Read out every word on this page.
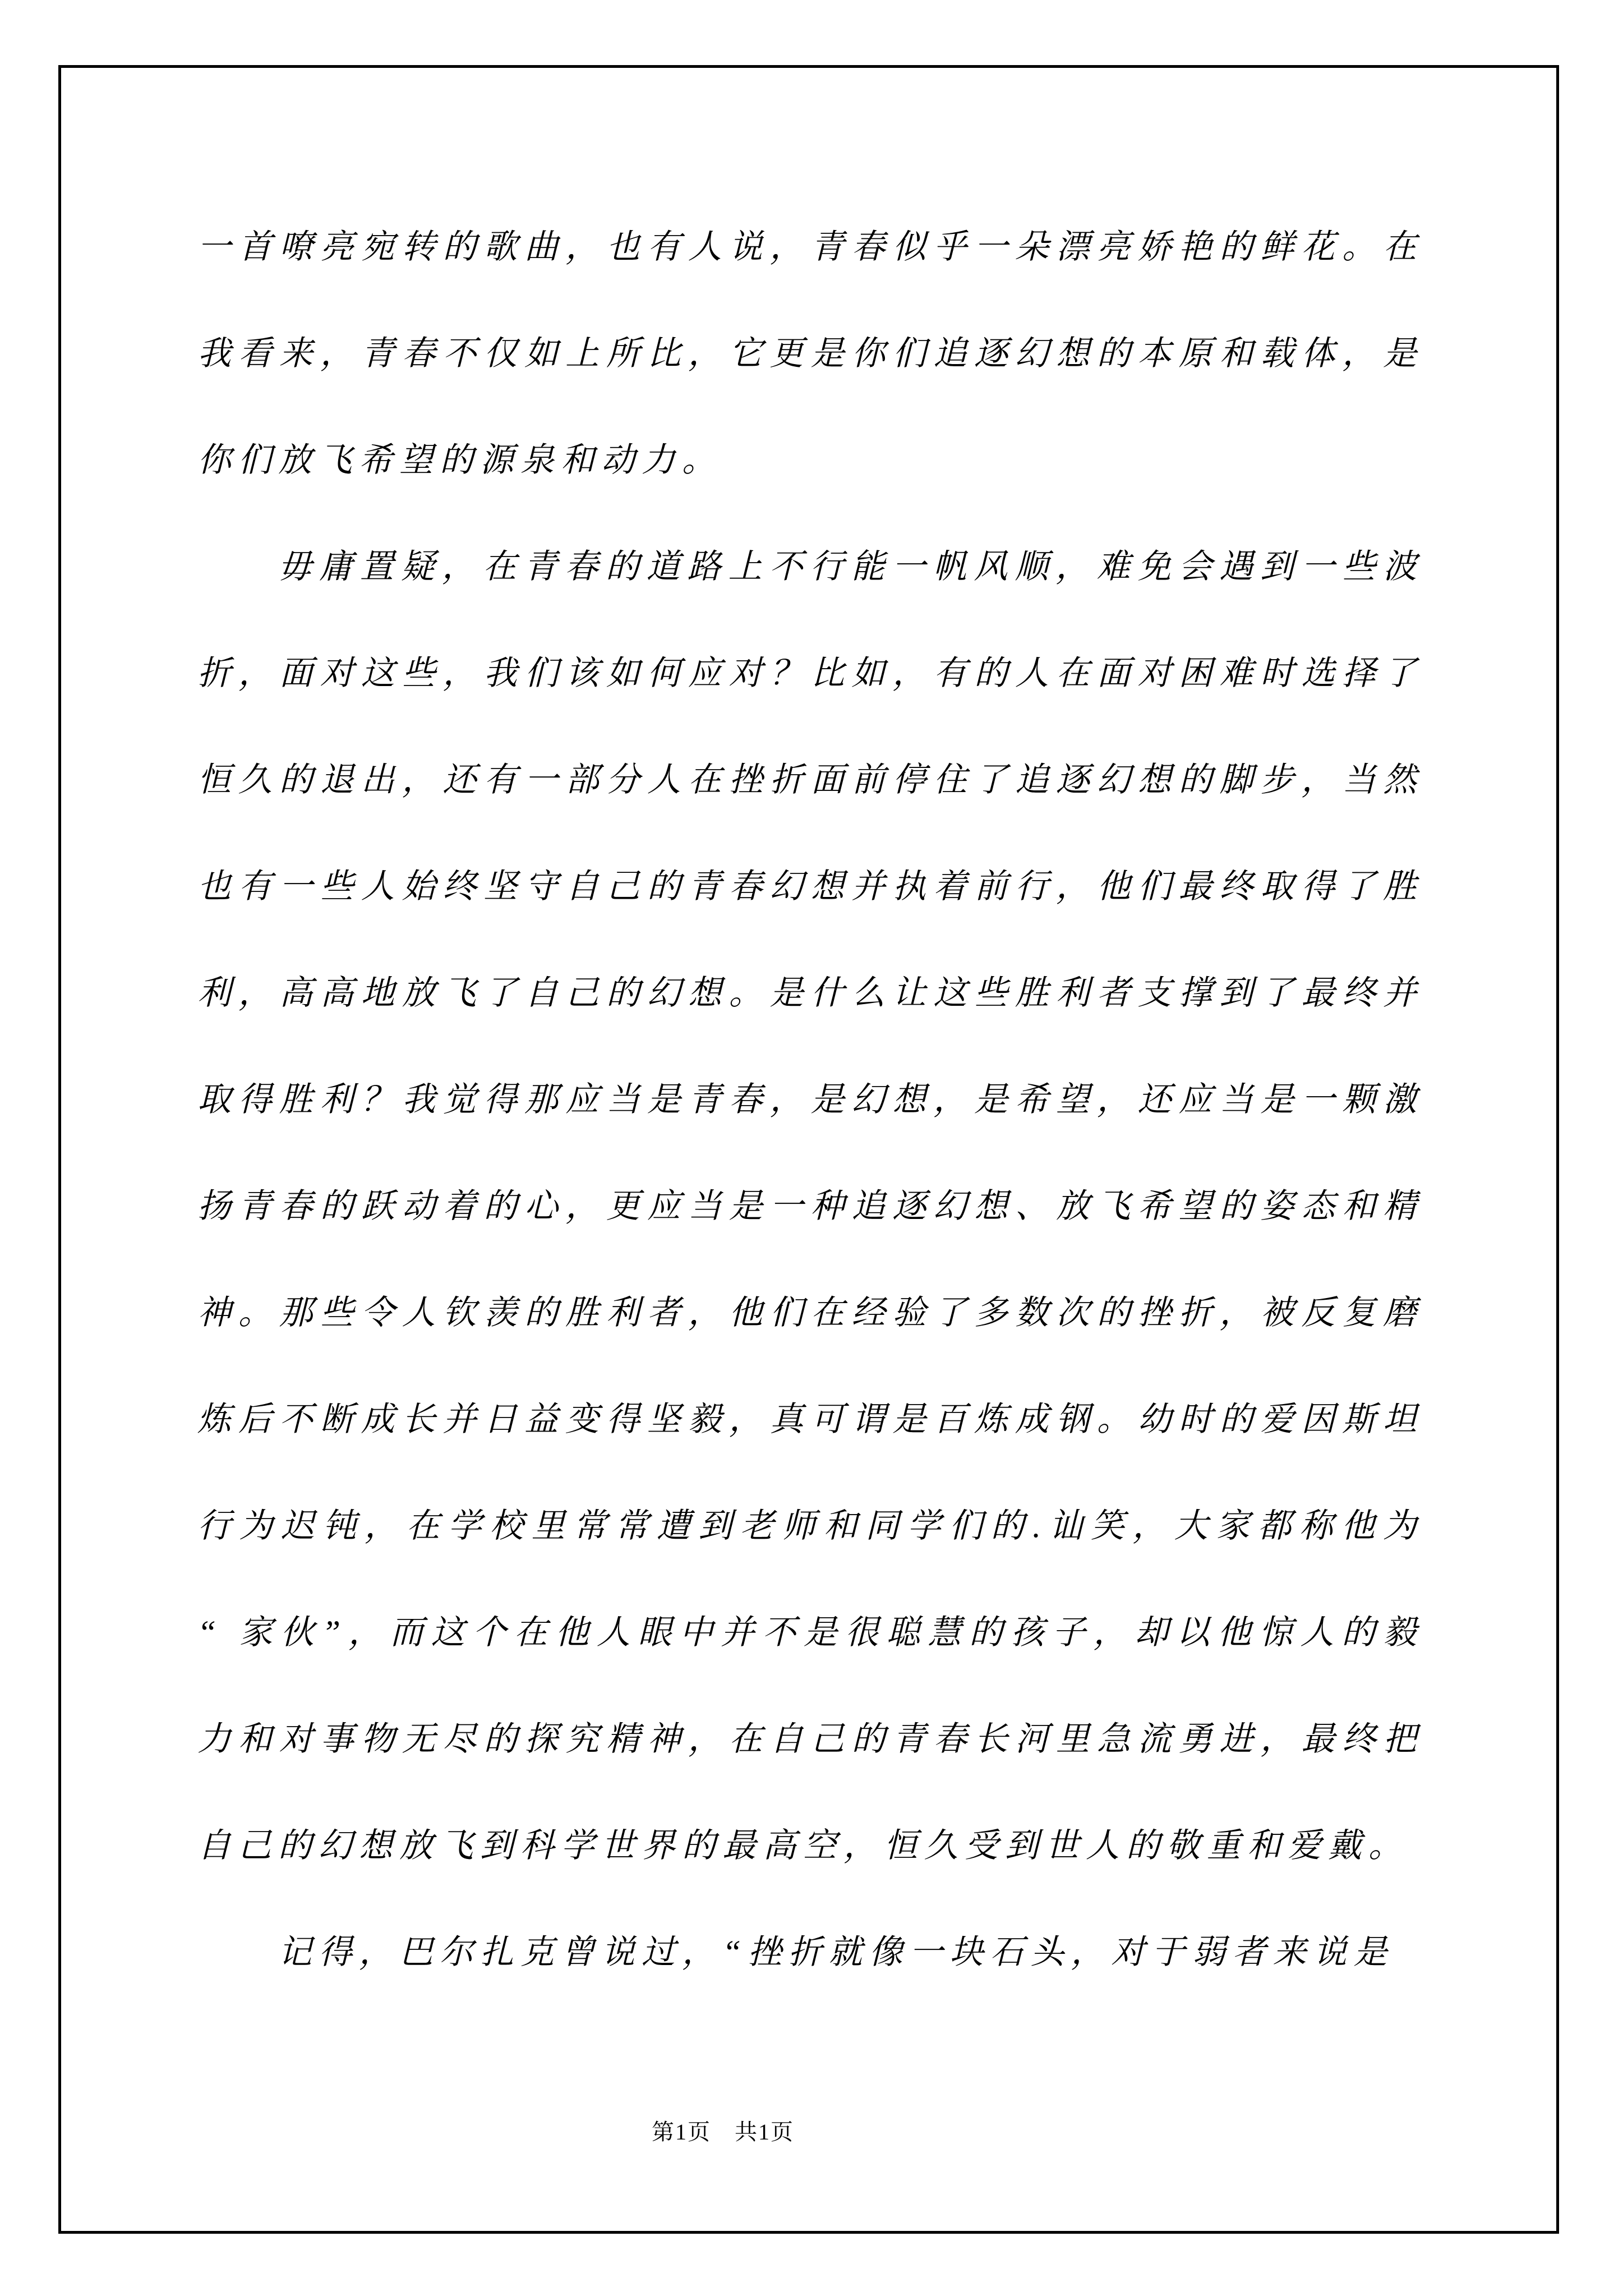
一首嘹亮宛转的歌曲，也有人说，青春似乎一朵漂亮娇艳的鲜花。在
我看来，青春不仅如上所比，它更是你们追逐幻想的本原和载体，是
你们放飞希望的源泉和动力。
毋庸置疑，在青春的道路上不行能一帆风顺，难免会遇到一些波
折，面对这些，我们该如何应对？比如，有的人在面对困难时选择了
恒久的退出，还有一部分人在挫折面前停住了追逐幻想的脚步，当然
也有一些人始终坚守自己的青春幻想并执着前行，他们最终取得了胜
利，高高地放飞了自己的幻想。是什么让这些胜利者支撑到了最终并
取得胜利？我觉得那应当是青春，是幻想，是希望，还应当是一颗激
扬青春的跃动着的心，更应当是一种追逐幻想、放飞希望的姿态和精
神。那些令人钦羡的胜利者，他们在经验了多数次的挫折，被反复磨
炼后不断成长并日益变得坚毅，真可谓是百炼成钢。幼时的爱因斯坦
行为迟钝，在学校里常常遭到老师和同学们的.讪笑，大家都称他为
“ 家伙”，而这个在他人眼中并不是很聪慧的孩子，却以他惊人的毅
力和对事物无尽的探究精神，在自己的青春长河里急流勇进，最终把
自己的幻想放飞到科学世界的最高空，恒久受到世人的敬重和爱戴。
记得，巴尔扎克曾说过，“挫折就像一块石头，对于弱者来说是
第1页　共1页
